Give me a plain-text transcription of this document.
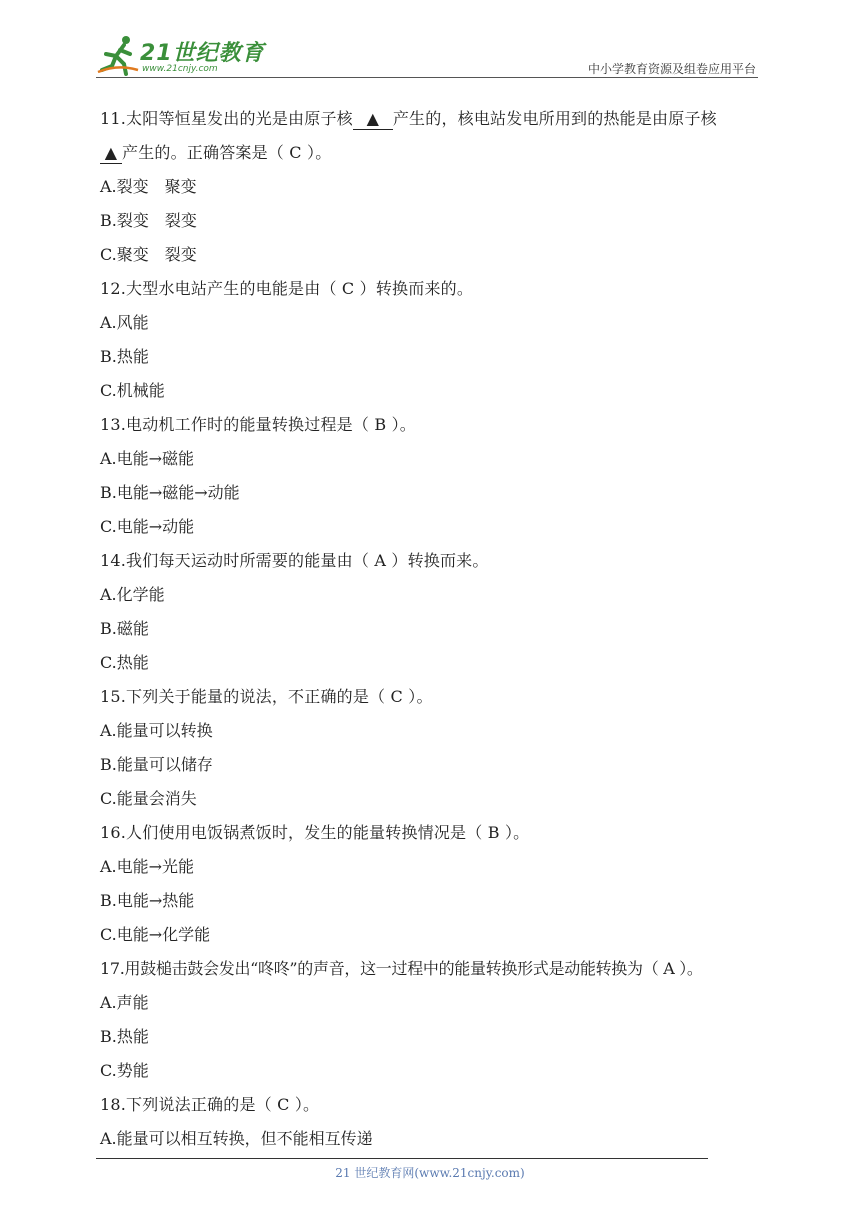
21世纪教育
www.21cnjy.com	中小学教育资源及组卷应用平台
11.太阳等恒星发出的光是由原子核 ▲ 产生的，核电站发电所用到的热能是由原子核
▲ 产生的。正确答案是（ C ）。
A.裂变　聚变
B.裂变　裂变
C.聚变　裂变
12.大型水电站产生的电能是由（ C ）转换而来的。
A.风能
B.热能
C.机械能
13.电动机工作时的能量转换过程是（ B ）。
A.电能→磁能
B.电能→磁能→动能
C.电能→动能
14.我们每天运动时所需要的能量由（ A ）转换而来。
A.化学能
B.磁能
C.热能
15.下列关于能量的说法，不正确的是（ C ）。
A.能量可以转换
B.能量可以储存
C.能量会消失
16.人们使用电饭锅煮饭时，发生的能量转换情况是（ B ）。
A.电能→光能
B.电能→热能
C.电能→化学能
17.用鼓槌击鼓会发出“咚咚”的声音，这一过程中的能量转换形式是动能转换为（ A ）。
A.声能
B.热能
C.势能
18.下列说法正确的是（ C ）。
A.能量可以相互转换，但不能相互传递
21 世纪教育网(www.21cnjy.com)
